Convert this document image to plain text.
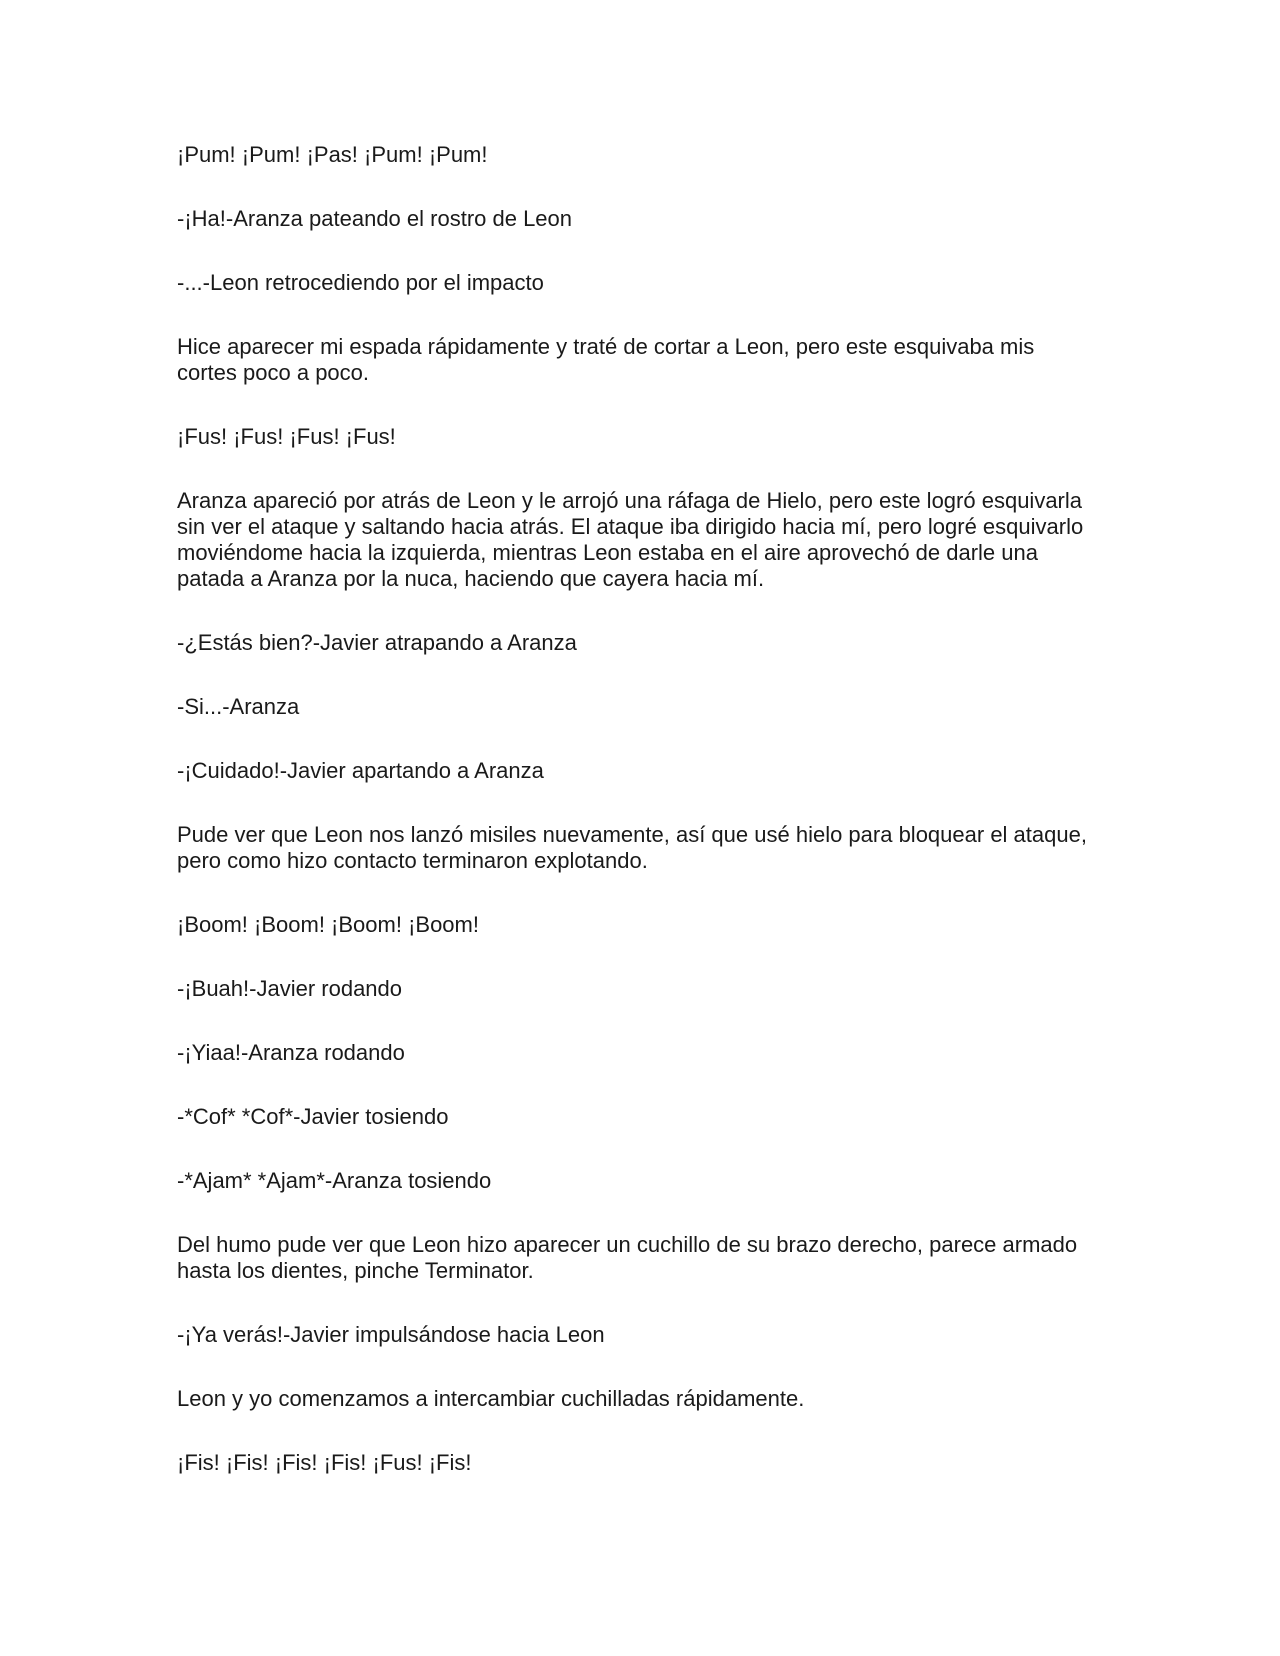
¡Pum! ¡Pum! ¡Pas! ¡Pum! ¡Pum!

-¡Ha!-Aranza pateando el rostro de Leon

-...-Leon retrocediendo por el impacto

Hice aparecer mi espada rápidamente y traté de cortar a Leon, pero este esquivaba mis cortes poco a poco.

¡Fus! ¡Fus! ¡Fus! ¡Fus!

Aranza apareció por atrás de Leon y le arrojó una ráfaga de Hielo, pero este logró esquivarla sin ver el ataque y saltando hacia atrás. El ataque iba dirigido hacia mí, pero logré esquivarlo moviéndome hacia la izquierda, mientras Leon estaba en el aire aprovechó de darle una patada a Aranza por la nuca, haciendo que cayera hacia mí.

-¿Estás bien?-Javier atrapando a Aranza

-Si...-Aranza

-¡Cuidado!-Javier apartando a Aranza

Pude ver que Leon nos lanzó misiles nuevamente, así que usé hielo para bloquear el ataque, pero como hizo contacto terminaron explotando.

¡Boom! ¡Boom! ¡Boom! ¡Boom!

-¡Buah!-Javier rodando

-¡Yiaa!-Aranza rodando

-*Cof* *Cof*-Javier tosiendo

-*Ajam* *Ajam*-Aranza tosiendo

Del humo pude ver que Leon hizo aparecer un cuchillo de su brazo derecho, parece armado hasta los dientes, pinche Terminator.

-¡Ya verás!-Javier impulsándose hacia Leon

Leon y yo comenzamos a intercambiar cuchilladas rápidamente.

¡Fis! ¡Fis! ¡Fis! ¡Fis! ¡Fus! ¡Fis!
